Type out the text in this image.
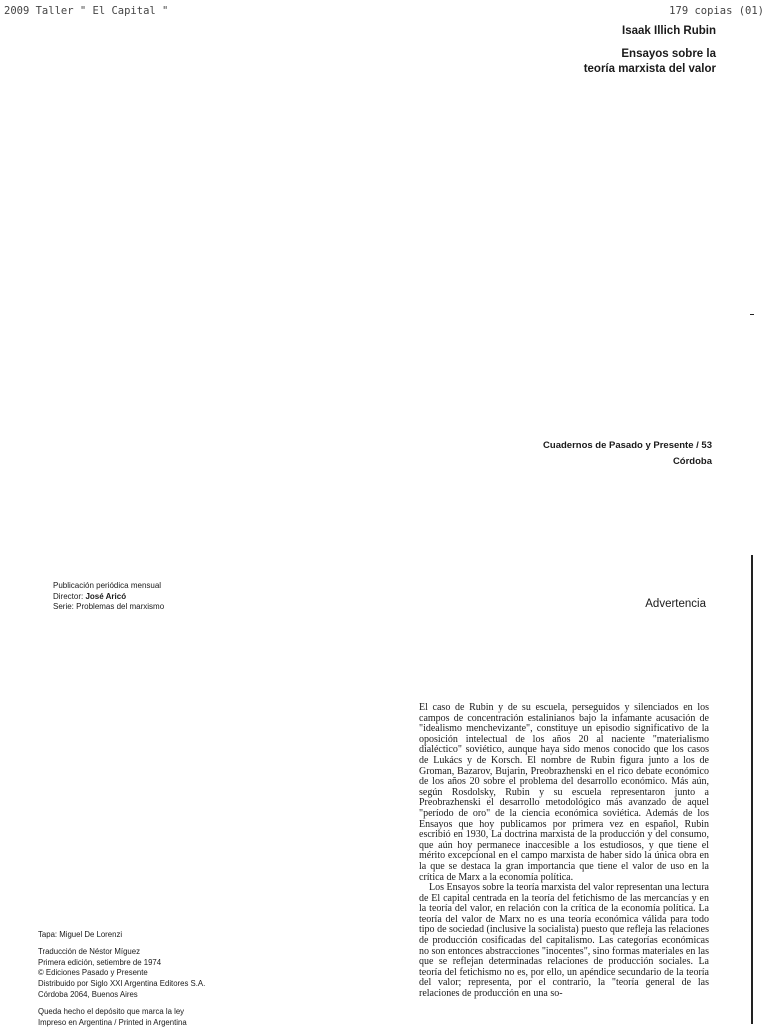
2009 Taller " El Capital "	179 copias (01)
Isaak Illich Rubin
Ensayos sobre la
teoría marxista del valor
Cuadernos de Pasado y Presente / 53
Córdoba
Publicación periódica mensual
Director: José Aricó
Serie: Problemas del marxismo	Advertencia

El caso de Rubin y de su escuela, perseguidos y silenciados en los campos de concentración estalinianos bajo la infamante acusación de "idealismo menchevizante", constituye un episodio significativo de la oposición intelectual de los años 20 al naciente "materialismo dialéctico" soviético, aunque haya sido menos conocido que los casos de Lukács y de Korsch. El nombre de Rubin figura junto a los de Groman, Bazarov, Bujarin, Preobrazhenski en el rico debate económico de los años 20 sobre el problema del desarrollo económico. Más aún, según Rosdolsky, Rubin y su escuela representaron junto a Preobrazhenski el desarrollo metodológico más avanzado de aquel "período de oro" de la ciencia económica soviética. Además de los Ensayos que hoy publicamos por primera vez en español, Rubin escribió en 1930, La doctrina marxista de la producción y del consumo, que aún hoy permanece inaccesible a los estudiosos, y que tiene el mérito excepcional en el campo marxista de haber sido la única obra en la que se destaca la gran importancia que tiene el valor de uso en la crítica de Marx a la economía política.

Los Ensayos sobre la teoría marxista del valor representan una lectura de El capital centrada en la teoría del fetichismo de las mercancías y en la teoría del valor, en relación con la crítica de la economía política. La teoría del valor de Marx no es una teoría económica válida para todo tipo de sociedad (inclusive la socialista) puesto que refleja las relaciones de producción cosificadas del capitalismo. Las categorías económicas no son entonces abstracciones "inocentes", sino formas materiales en las que se reflejan determinadas relaciones de producción sociales. La teoría del fetichismo no es, por ello, un apéndice secundario de la teoría del valor; representa, por el contrario, la "teoría general de las relaciones de producción en una so-

Tapa: Miguel De Lorenzi
Traducción de Néstor Míguez
Primera edición, setiembre de 1974
© Ediciones Pasado y Presente
Distribuido por Siglo XXI Argentina Editores S.A.
Córdoba 2064, Buenos Aires
Queda hecho el depósito que marca la ley
Impreso en Argentina / Printed in Argentina
